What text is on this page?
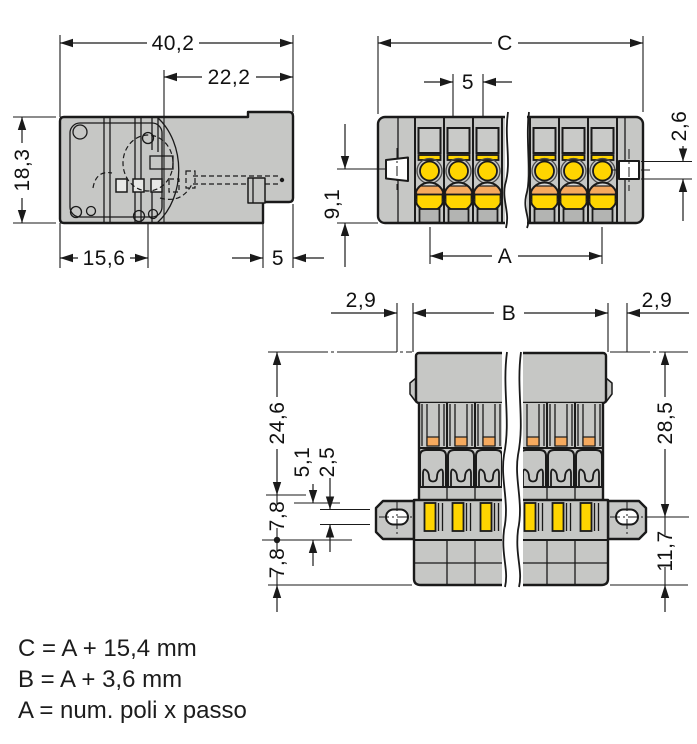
40,2
22,2
18,3
15,6	5
C
5
2,6
9,1
A
2,9
B
2,9
24,6
5,1 2,5
7,8
7,8
28,5
11,7
C = A + 15,4 mm
B = A + 3,6 mm
A = num. poli x passo
